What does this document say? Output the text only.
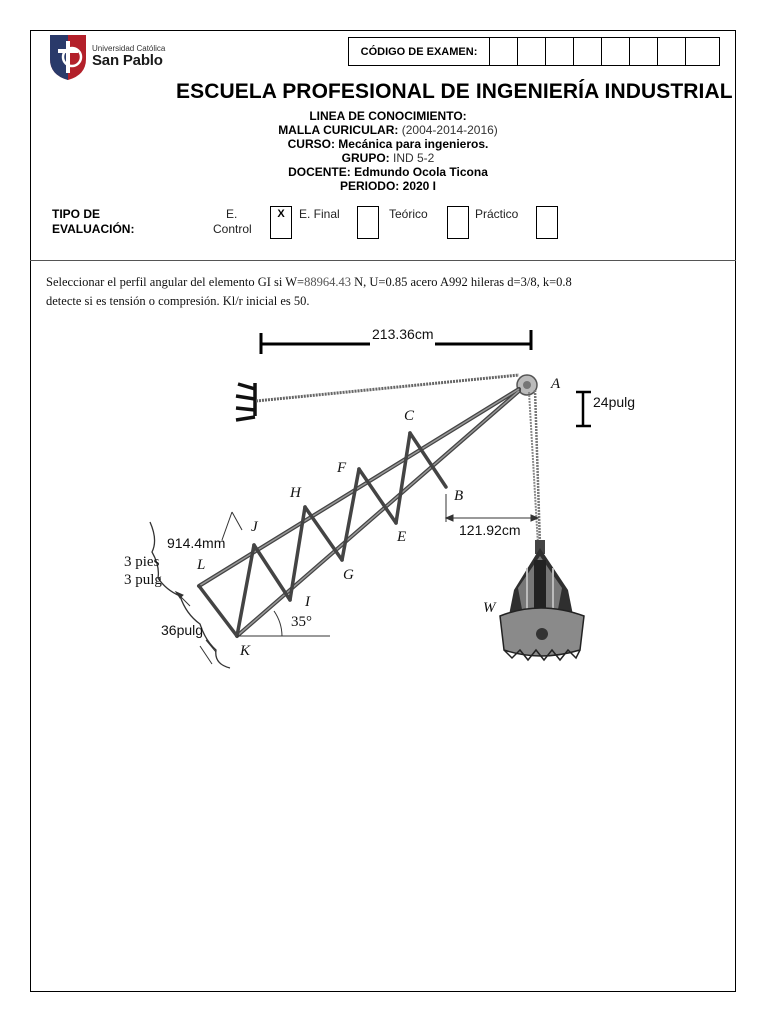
Universidad Católica
San Pablo
CÓDIGO DE EXAMEN:
ESCUELA PROFESIONAL DE INGENIERÍA INDUSTRIAL
LINEA DE CONOCIMIENTO:
MALLA CURICULAR: (2004-2014-2016)
CURSO: Mecánica para ingenieros.
GRUPO: IND 5-2
DOCENTE: Edmundo Ocola Ticona
PERIODO: 2020 I
TIPO DE
EVALUACIÓN:
E.
Control
X	E. Final	Teórico	Práctico
Seleccionar el perfil angular del elemento GI si W=88964.43 N, U=0.85 acero A992 hileras d=3/8, k=0.8
detecte si es tensión o compresión. Kl/r inicial es 50.
213.36cm
A
24pulg
C
F
H
J
B
E
G
I
L
K
35°
121.92cm
914.4mm
3 pies
3 pulg
36pulg
W
